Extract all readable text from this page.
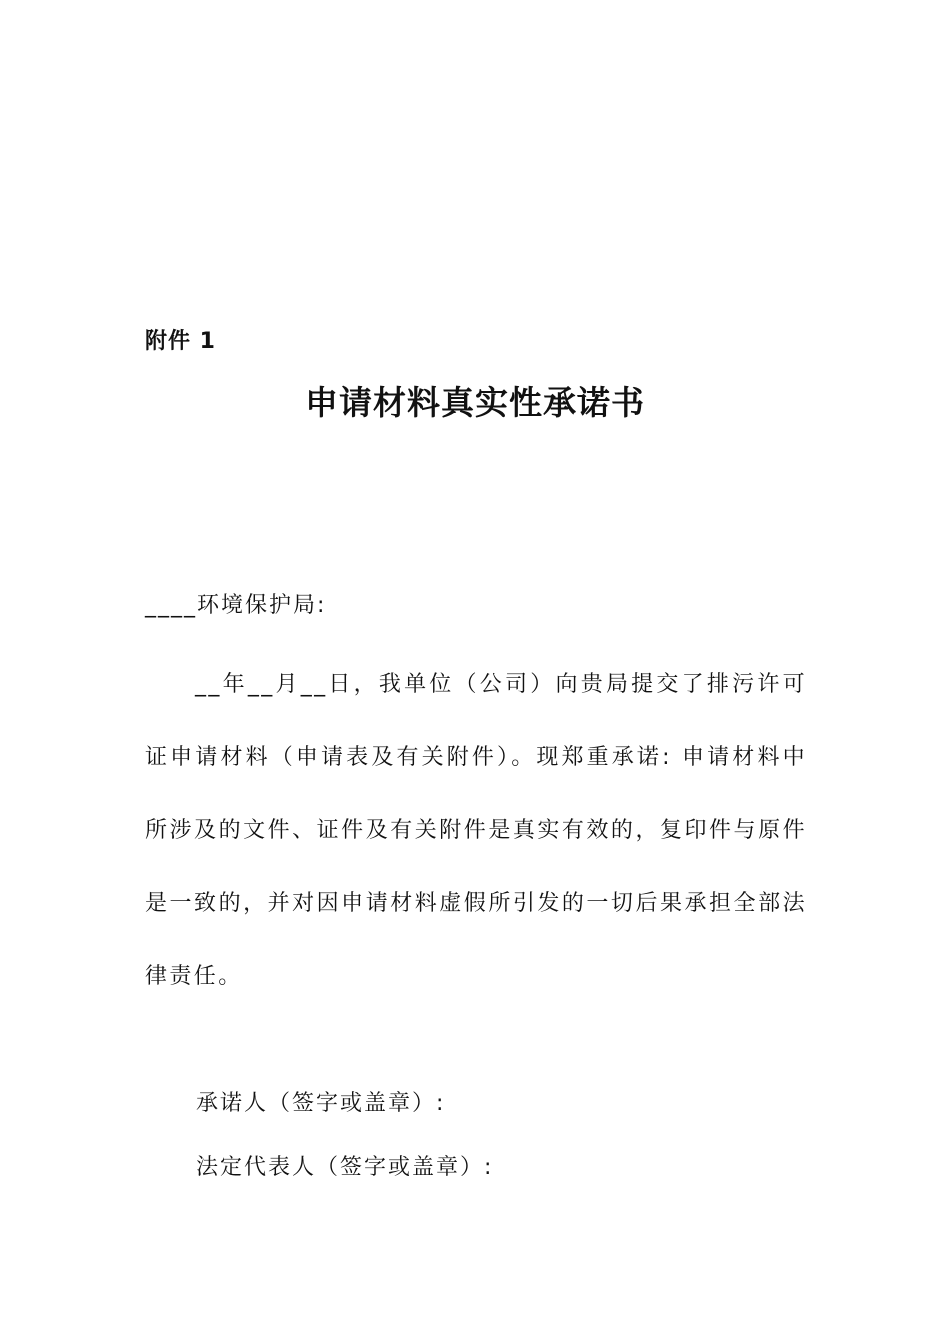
附件 1

申请材料真实性承诺书

____环境保护局:

__年__月__日，我单位（公司）向贵局提交了排污许可证申请材料（申请表及有关附件）。现郑重承诺: 申请材料中所涉及的文件、证件及有关附件是真实有效的，复印件与原件是一致的，并对因申请材料虚假所引发的一切后果承担全部法律责任。

承诺人（签字或盖章）:

法定代表人（签字或盖章）:
